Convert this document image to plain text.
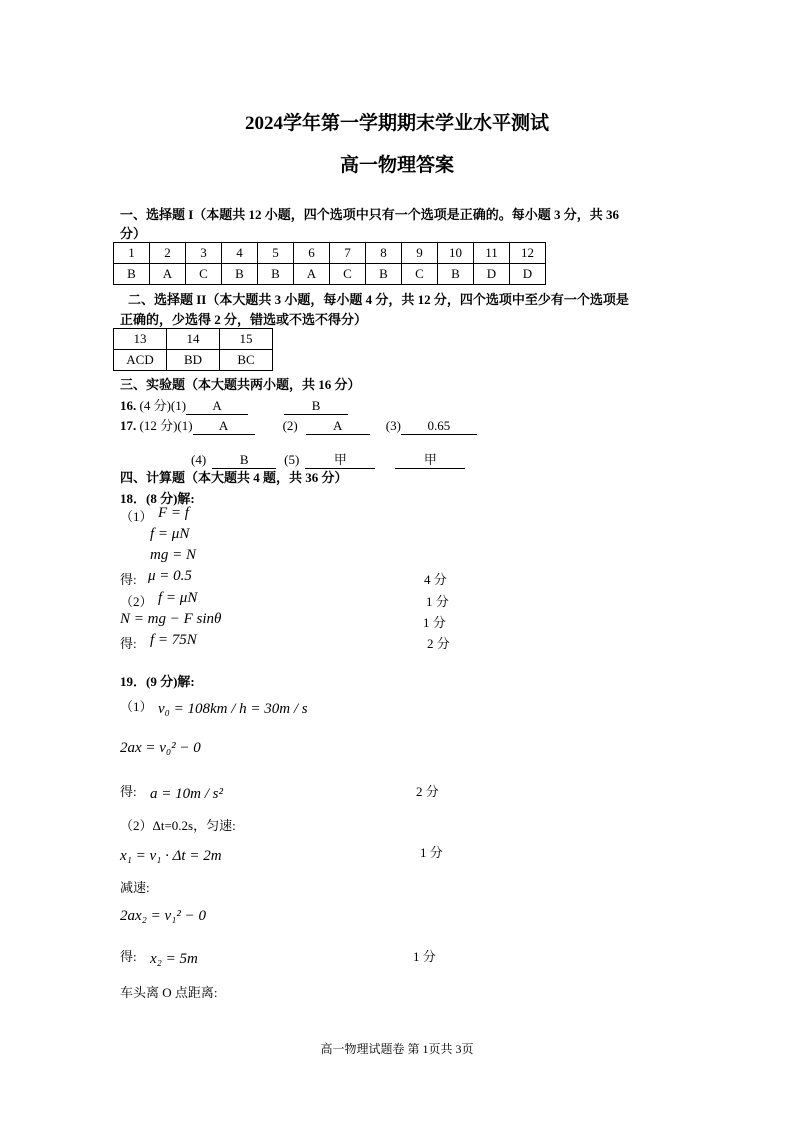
2024学年第一学期期末学业水平测试
高一物理答案
一、选择题 I（本题共 12 小题，四个选项中只有一个选项是正确的。每小题 3 分，共 36
分）
1	2	3	4	5	6	7	8	9	10	11	12
B	A	C	B	B	A	C	B	C	B	D	D
二、选择题 II（本大题共 3 小题，每小题 4 分，共 12 分，四个选项中至少有一个选项是
正确的，少选得 2 分，错选或不选不得分）
13	14	15
ACD	BD	BC
三、实验题（本大题共两小题，共 16 分）
16. (4 分)(1) A	B
17. (12 分)(1) A	(2)	A	(3) 0.65
(4)	B	(5)	甲	甲
四、计算题（本大题共 4 题，共 36 分）
18．(8 分)解:
（1） F = f
f = μN
mg = N
得: μ = 0.5	4 分
（2） f = μN	1 分
N = mg − F sinθ	1 分
得: f = 75N	2 分
19．(9 分)解:
（1） v₀ = 108km / h = 30m / s
2ax = v₀² − 0
得: a = 10m / s²	2 分
（2）Δt=0.2s，匀速:
x₁ = v₁ · Δt = 2m	1 分
减速:
2ax₂ = v₁² − 0
得: x₂ = 5m	1 分
车头离 O 点距离:
高一物理试题卷 第 1页共 3页
